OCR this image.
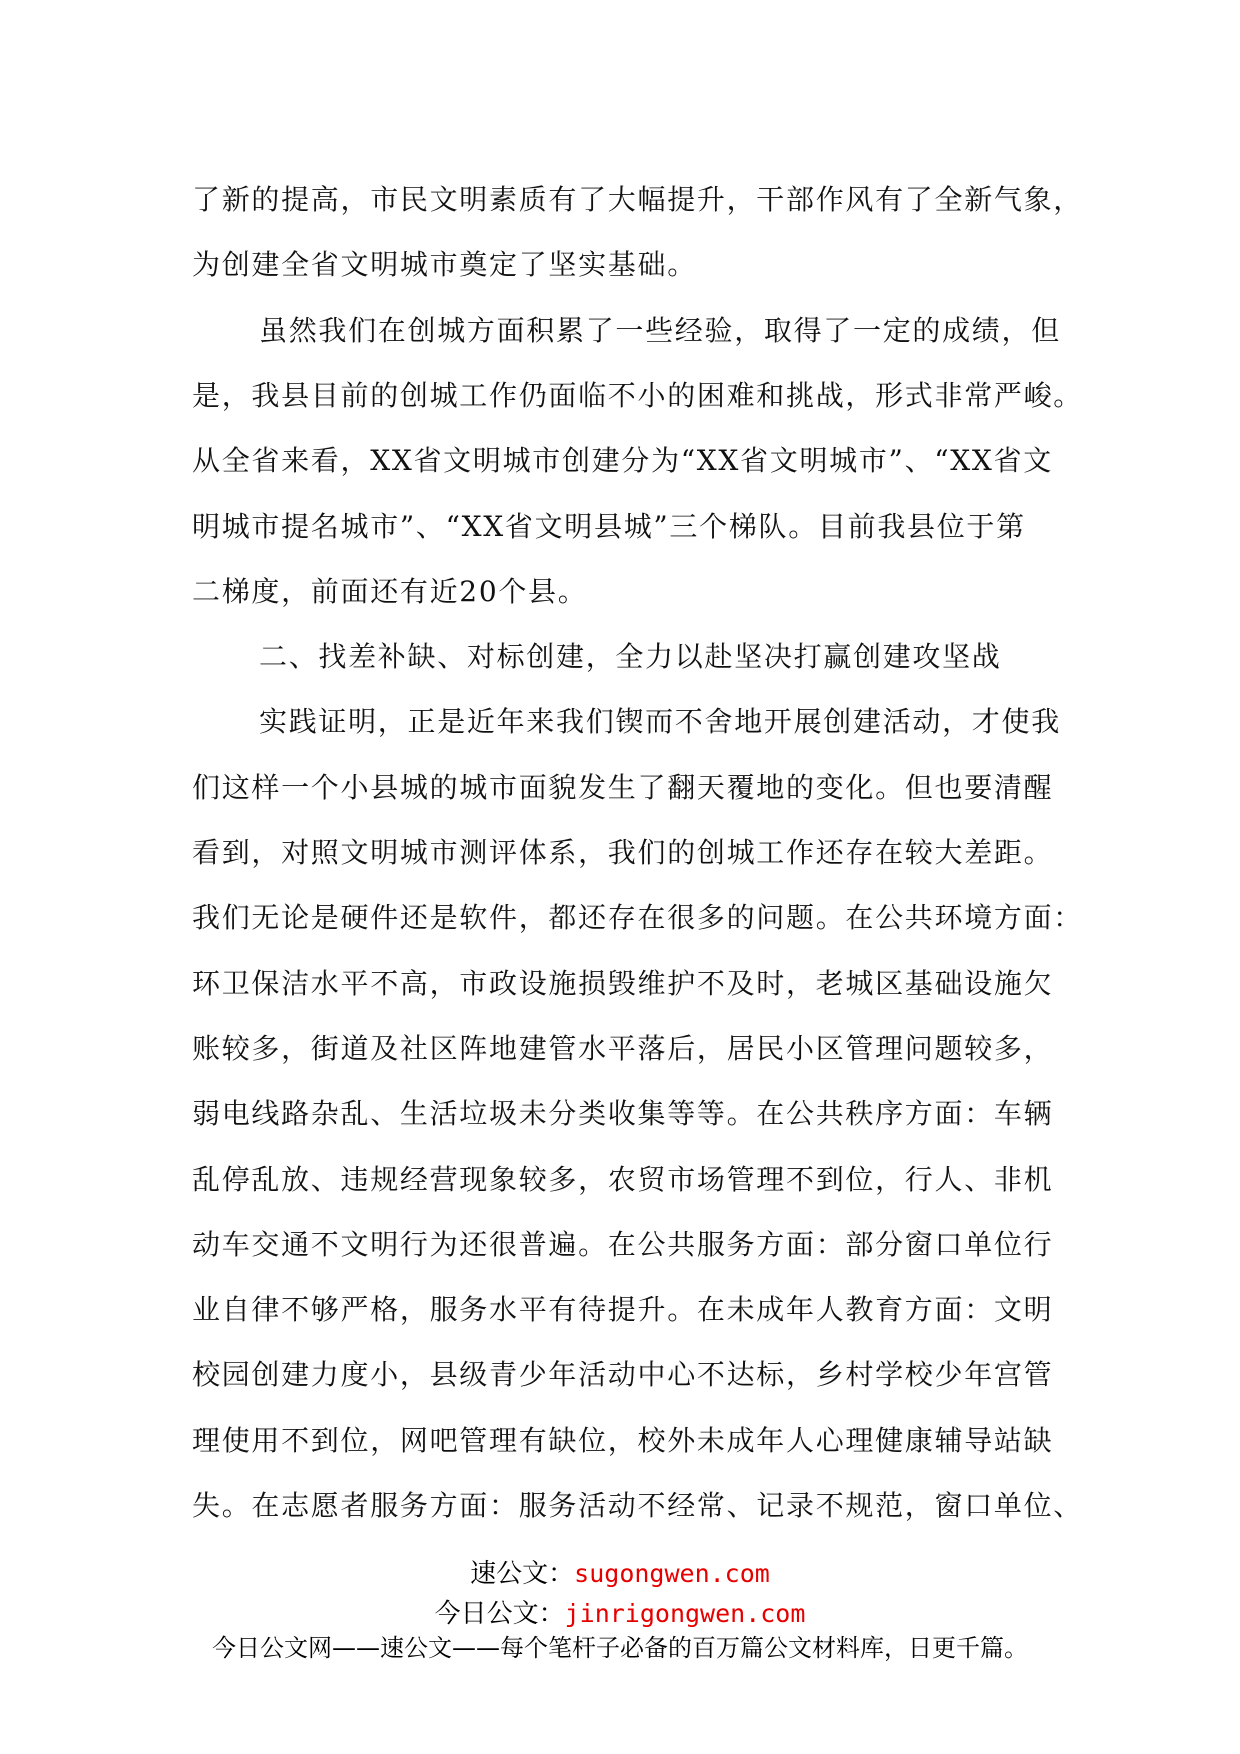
了新的提高，市民文明素质有了大幅提升，干部作风有了全新气象，
为创建全省文明城市奠定了坚实基础。
虽然我们在创城方面积累了一些经验，取得了一定的成绩，但
是，我县目前的创城工作仍面临不小的困难和挑战，形式非常严峻。
从全省来看，XX省文明城市创建分为“XX省文明城市”、“XX省文
明城市提名城市”、“XX省文明县城”三个梯队。目前我县位于第
二梯度，前面还有近20个县。
二、找差补缺、对标创建，全力以赴坚决打赢创建攻坚战
实践证明，正是近年来我们锲而不舍地开展创建活动，才使我
们这样一个小县城的城市面貌发生了翻天覆地的变化。但也要清醒
看到，对照文明城市测评体系，我们的创城工作还存在较大差距。
我们无论是硬件还是软件，都还存在很多的问题。在公共环境方面：
环卫保洁水平不高，市政设施损毁维护不及时，老城区基础设施欠
账较多，街道及社区阵地建管水平落后，居民小区管理问题较多，
弱电线路杂乱、生活垃圾未分类收集等等。在公共秩序方面：车辆
乱停乱放、违规经营现象较多，农贸市场管理不到位，行人、非机
动车交通不文明行为还很普遍。在公共服务方面：部分窗口单位行
业自律不够严格，服务水平有待提升。在未成年人教育方面：文明
校园创建力度小，县级青少年活动中心不达标，乡村学校少年宫管
理使用不到位，网吧管理有缺位，校外未成年人心理健康辅导站缺
失。在志愿者服务方面：服务活动不经常、记录不规范，窗口单位、
速公文：sugongwen.com
今日公文：jinrigongwen.com
今日公文网——速公文——每个笔杆子必备的百万篇公文材料库，日更千篇。
